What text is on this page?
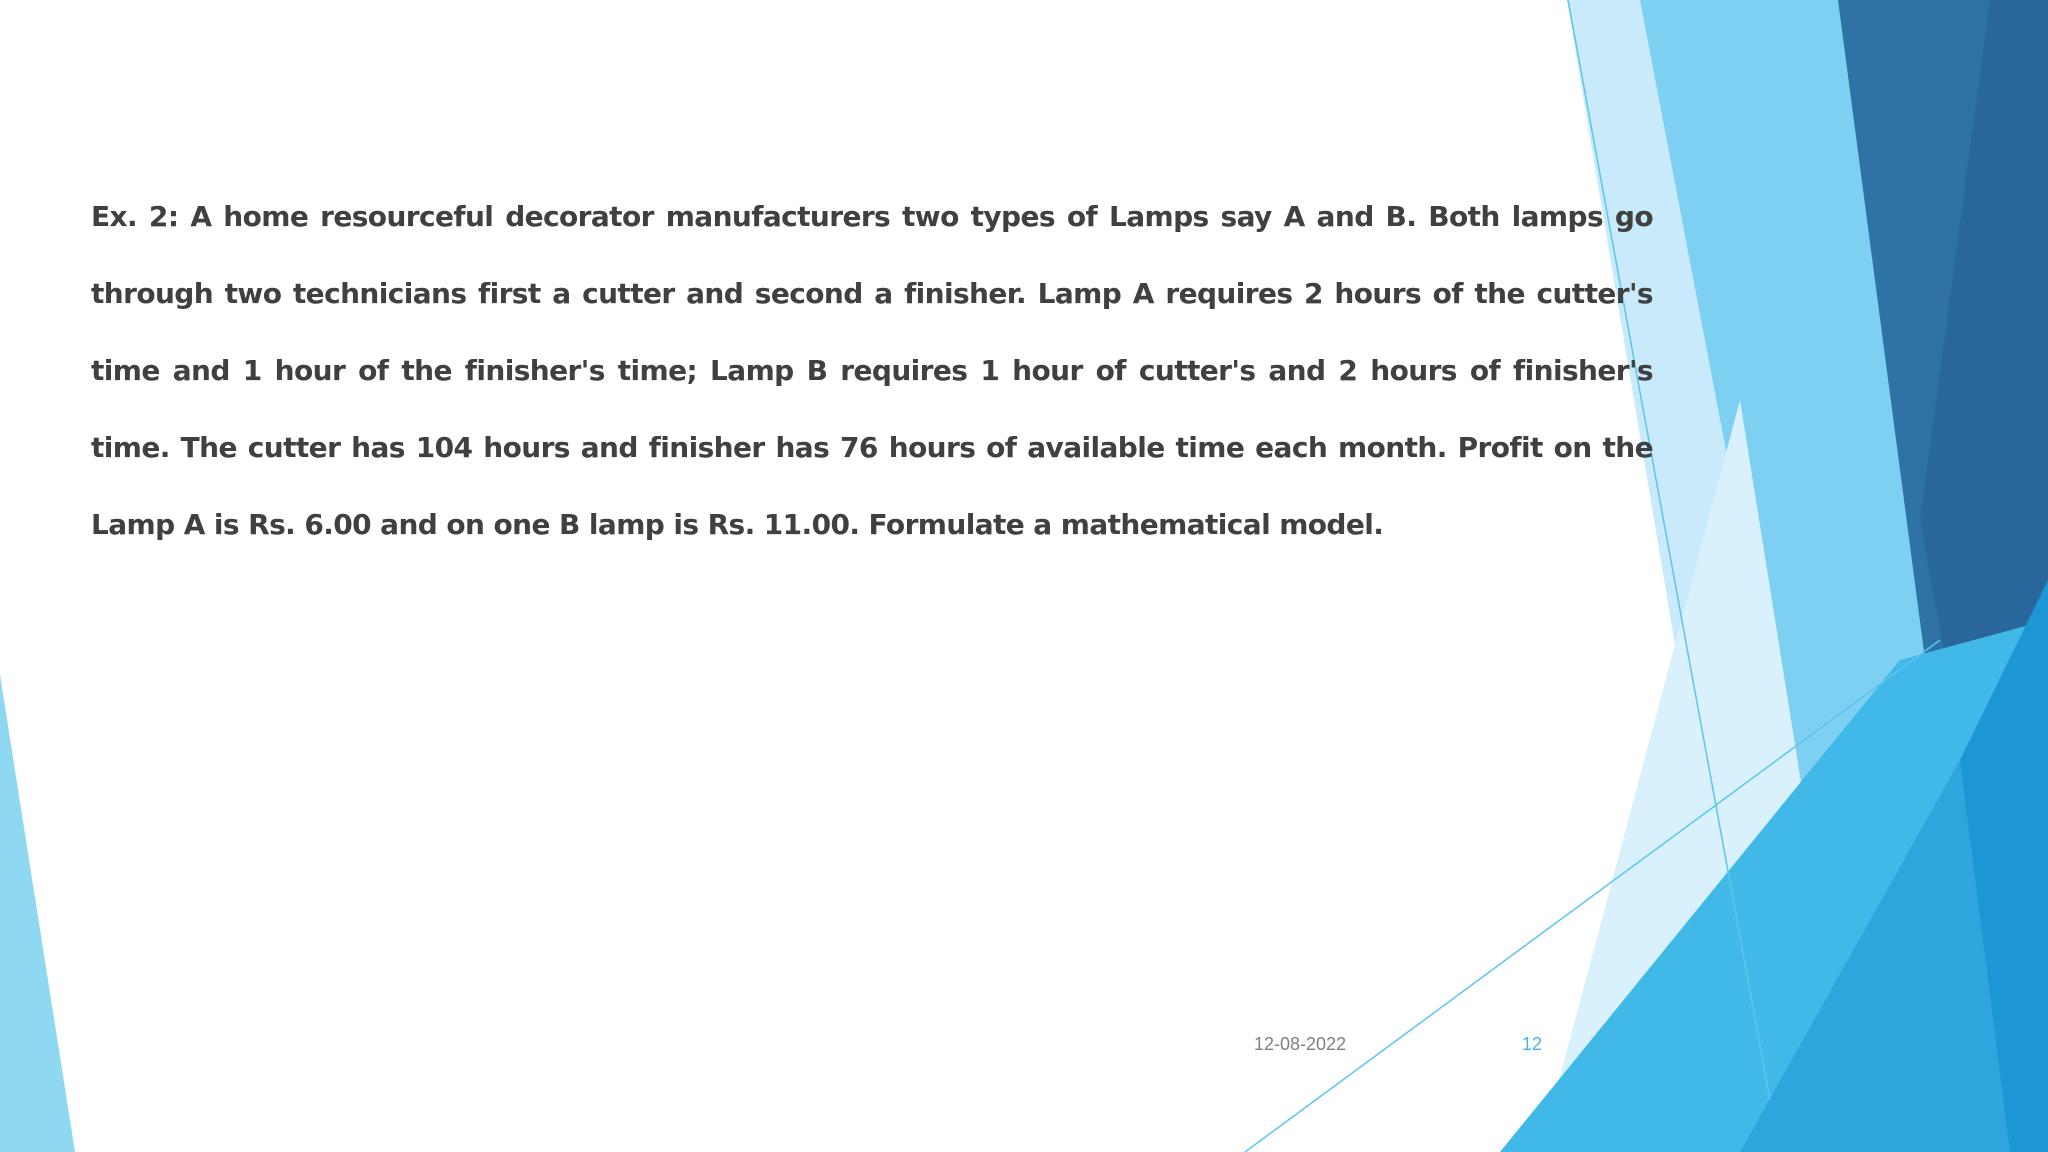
Ex. 2: A home resourceful decorator manufacturers two types of Lamps say A and B. Both lamps go through two technicians first a cutter and second a finisher. Lamp A requires 2 hours of the cutter's time and 1 hour of the finisher's time; Lamp B requires 1 hour of cutter's and 2 hours of finisher's time. The cutter has 104 hours and finisher has 76 hours of available time each month. Profit on the Lamp A is Rs. 6.00 and on one B lamp is Rs. 11.00. Formulate a mathematical model.

12-08-2022	12
